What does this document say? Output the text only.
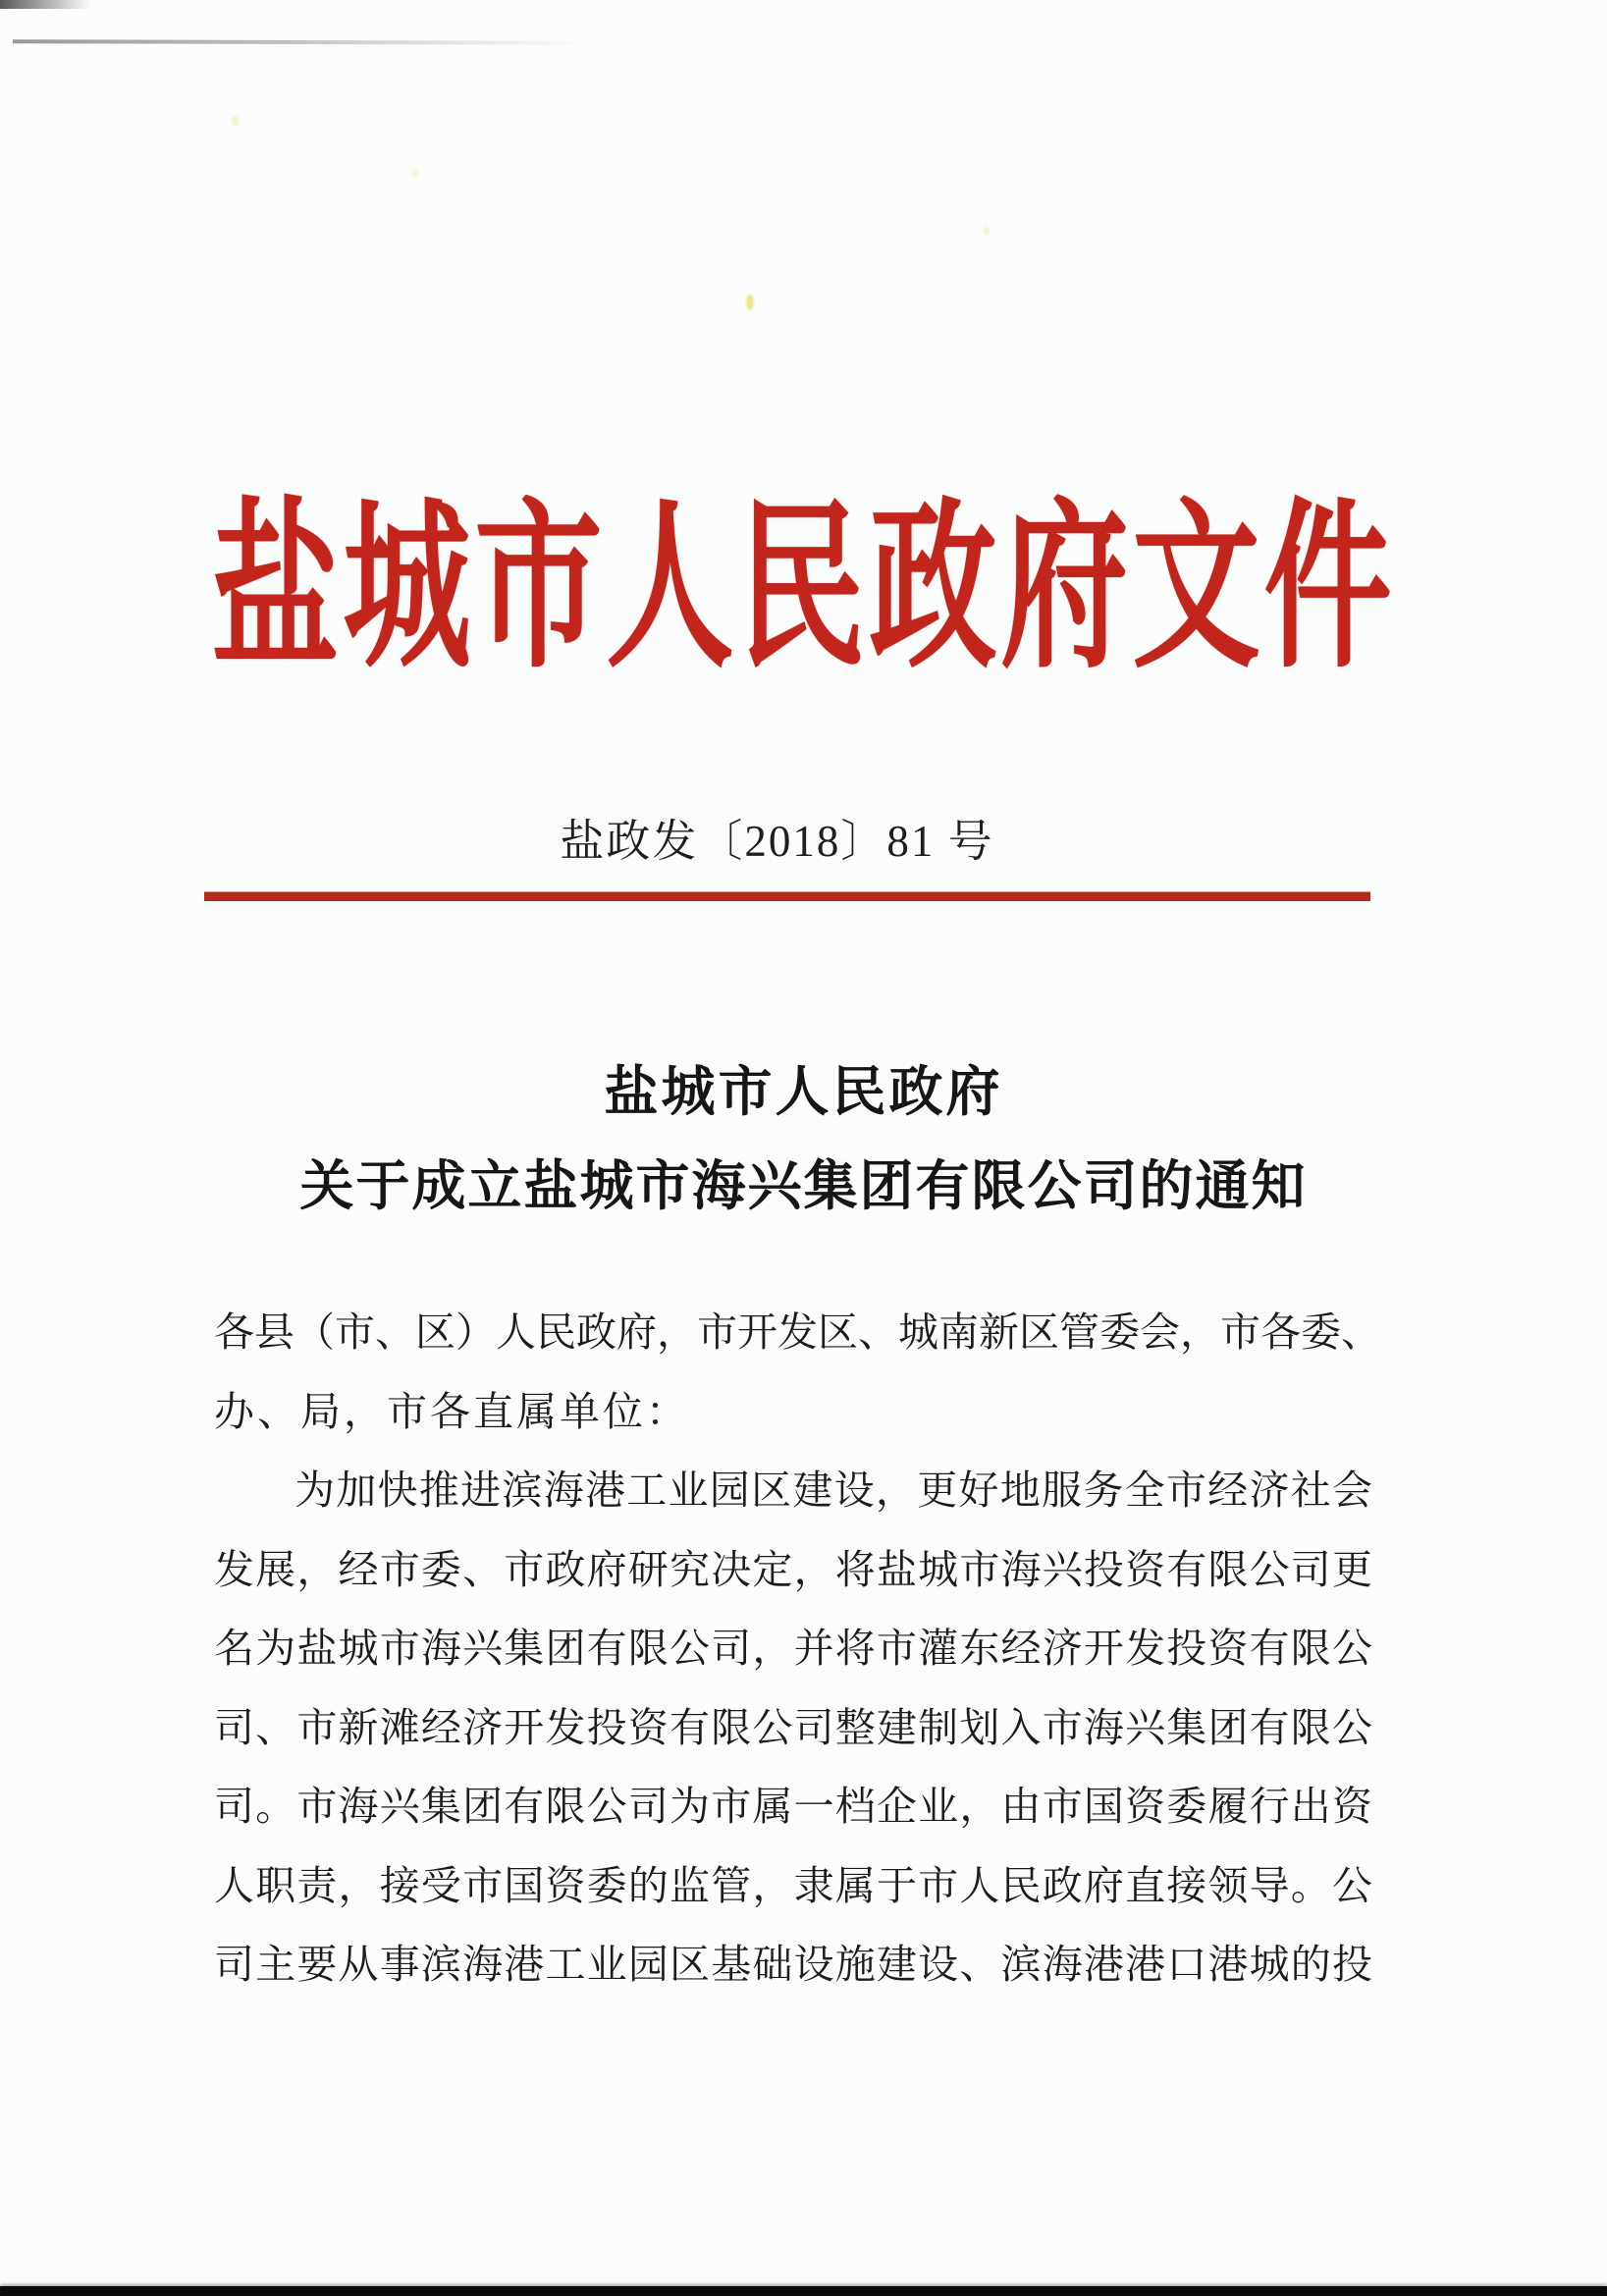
盐城市人民政府文件
盐政发〔2018〕81 号
盐城市人民政府
关于成立盐城市海兴集团有限公司的通知
各县（市、区）人民政府，市开发区、城南新区管委会，市各委、
办、局，市各直属单位：
为加快推进滨海港工业园区建设，更好地服务全市经济社会
发展，经市委、市政府研究决定，将盐城市海兴投资有限公司更
名为盐城市海兴集团有限公司，并将市灌东经济开发投资有限公
司、市新滩经济开发投资有限公司整建制划入市海兴集团有限公
司。市海兴集团有限公司为市属一档企业，由市国资委履行出资
人职责，接受市国资委的监管，隶属于市人民政府直接领导。公
司主要从事滨海港工业园区基础设施建设、滨海港港口港城的投
